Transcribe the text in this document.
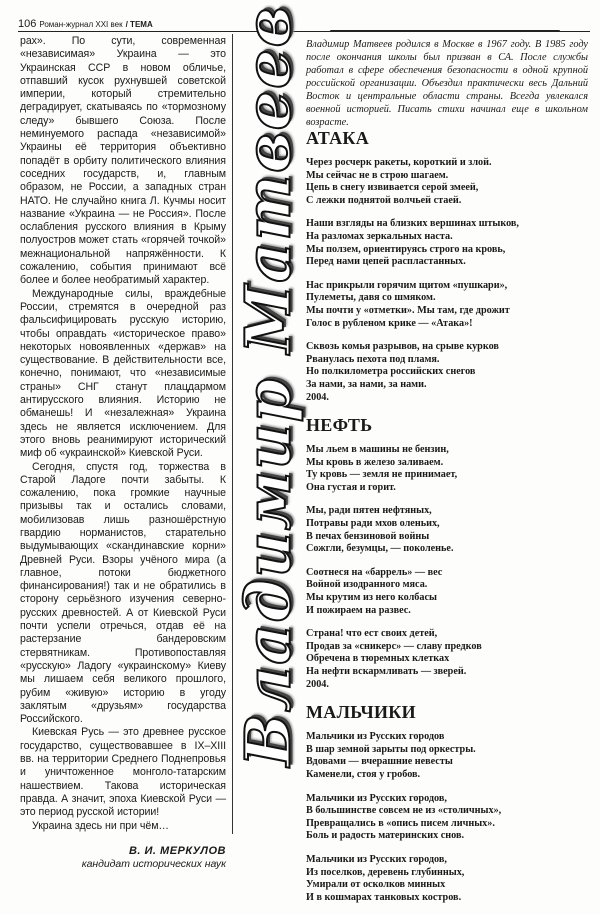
106 Роман-журнал XXI век / ТЕМА

рах». По сути, современная «независимая» Украина — это Украинская ССР в новом обличье, отпавший кусок рухнувшей советской империи, который стремительно деградирует, скатываясь по «тормозному следу» бывшего Союза. После неминуемого распада «независимой» Украины её территория объективно попадёт в орбиту политического влияния соседних государств, и, главным образом, не России, а западных стран НАТО. Не случайно книга Л. Кучмы носит название «Украина — не Россия». После ослабления русского влияния в Крыму полуостров может стать «горячей точкой» межнациональной напряжённости. К сожалению, события принимают всё более и более необратимый характер.

Международные силы, враждебные России, стремятся в очередной раз фальсифицировать русскую историю, чтобы оправдать «историческое право» некоторых новоявленных «держав» на существование. В действительности все, конечно, понимают, что «независимые страны» СНГ станут плацдармом антирусского влияния. Историю не обманешь! И «незалежная» Украина здесь не является исключением. Для этого вновь реанимируют исторический миф об «украинской» Киевской Руси.

Сегодня, спустя год, торжества в Старой Ладоге почти забыты. К сожалению, пока громкие научные призывы так и остались словами, мобилизовав лишь разношёрстную гвардию норманистов, старательно выдумывающих «скандинавские корни» Древней Руси. Взоры учёного мира (а главное, потоки бюджетного финансирования!) так и не обратились в сторону серьёзного изучения северно-русских древностей. А от Киевской Руси почти успели отречься, отдав её на растерзание бандеровским стервятникам. Противопоставляя «русскую» Ладогу «украинскому» Киеву мы лишаем себя великого прошлого, рубим «живую» историю в угоду заклятым «друзьям» государства Российского.

Киевская Русь — это древнее русское государство, существовавшее в IX–XIII вв. на территории Среднего Поднепровья и уничтоженное монголо-татарским нашествием. Такова историческая правда. А значит, эпоха Киевской Руси — это период русской истории!

Украина здесь ни при чём…

В. И. МЕРКУЛОВ
кандидат исторических наук
Владимир Матвеев Владимир Матвеев родился в Москве в 1967 году. В 1985 году после окончания школы был призван в СА. После службы работал в сфере обеспечения безопасности в одной крупной российской организации. Объездил практически весь Дальний Восток и центральные области страны. Всегда увлекался военной историей. Писать стихи начинал еще в школьном возрасте.
АТАКА
Через росчерк ракеты, короткий и злой.
Мы сейчас не в строю шагаем.
Цепь в снегу извивается серой змеей,
С лежки поднятой волчьей стаей.
Наши взгляды на близких вершинах штыков,
На разломах зеркальных наста.
Мы ползем, ориентируясь строго на кровь,
Перед нами цепей распластанных.
Нас прикрыли горячим щитом «пушкари»,
Пулеметы, давя со шмяком.
Мы почти у «отметки». Мы там, где дрожит
Голос в рубленом крике — «Атака»!
Сквозь комья разрывов, на срыве курков
Рванулась пехота под пламя.
Но полкилометра российских снегов
За нами, за нами, за нами.
2004.
НЕФТЬ
Мы льем в машины не бензин,
Мы кровь в железо заливаем.
Ту кровь — земля не принимает,
Она густая и горит.
Мы, ради пятен нефтяных,
Потравы ради мхов оленьих,
В печах бензиновой войны
Сожгли, безумцы, — поколенье.
Соотнеся на «баррель» — вес
Войной изодранного мяса.
Мы крутим из него колбасы
И пожираем на развес.
Страна! что ест своих детей,
Продав за «сникерс» — славу предков
Обречена в тюремных клетках
На нефти вскармливать — зверей.
2004.
МАЛЬЧИКИ
Мальчики из Русских городов
В шар земной зарыты под оркестры.
Вдовами — вчерашние невесты
Каменели, стоя у гробов.
Мальчики из Русских городов,
В большинстве совсем не из «столичных»,
Превращались в «опись писем личных».
Боль и радость материнских снов.
Мальчики из Русских городов,
Из поселков, деревень глубинных,
Умирали от осколков минных
И в кошмарах танковых костров.
